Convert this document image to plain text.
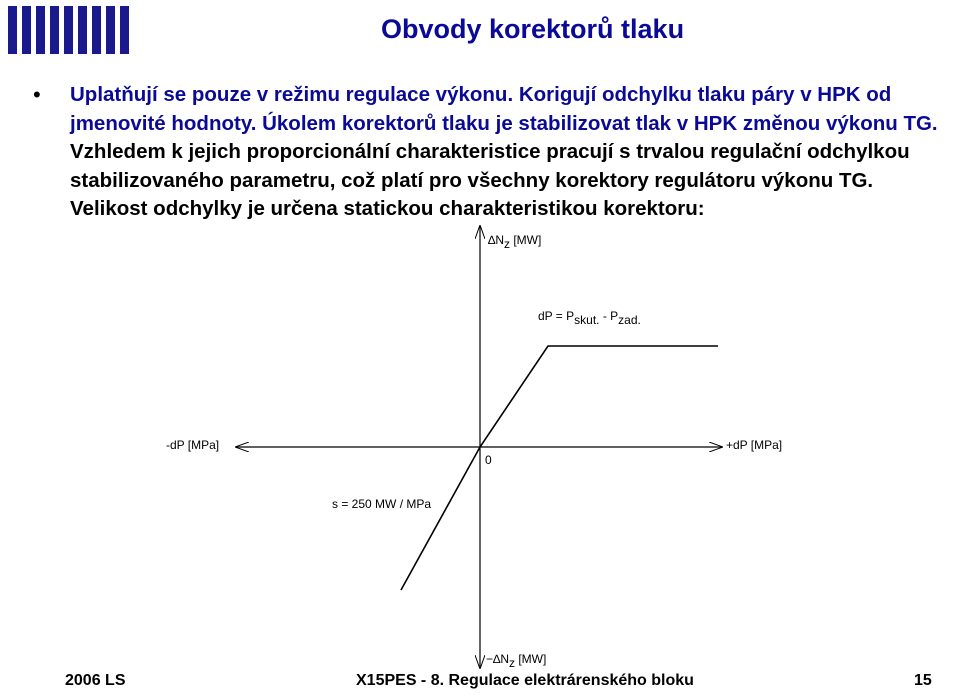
Obvody korektorů tlaku
• Uplatňují se pouze v režimu regulace výkonu. Korigují odchylku tlaku páry v HPK od jmenovité hodnoty. Úkolem korektorů tlaku je stabilizovat tlak v HPK změnou výkonu TG. Vzhledem k jejich proporcionální charakteristice pracují s trvalou regulační odchylkou stabilizovaného parametru, což platí pro všechny korektory regulátoru výkonu TG. Velikost odchylky je určena statickou charakteristikou korektoru:
∆Nz [MW]
dP = Pskut. - Pzad.
-dP [MPa]	+dP [MPa]
0
s = 250 MW / MPa
−∆Nz [MW]
2006 LS	X15PES - 8. Regulace elektrárenského bloku	15
